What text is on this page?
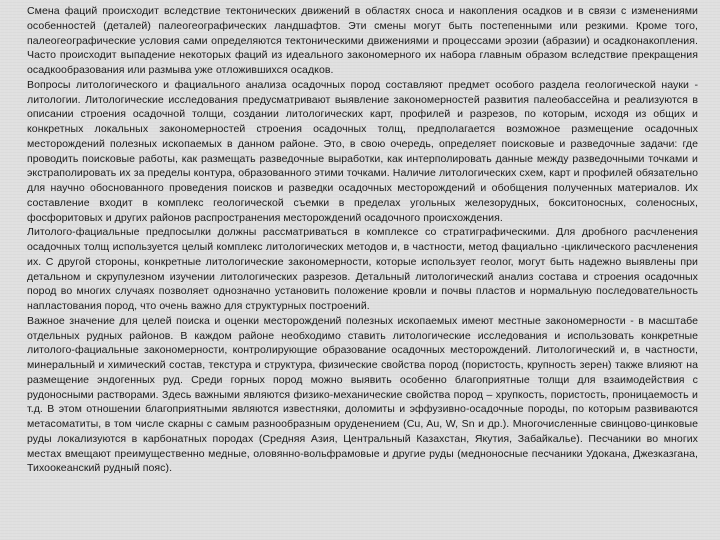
Смена фаций происходит вследствие тектонических движений в областях сноса и накопления осадков и в связи с изменениями особенностей (деталей) палеогеографических ландшафтов. Эти смены могут быть постепенными или резкими. Кроме того, палеогеографические условия сами определяются тектоническими движениями и процессами эрозии (абразии) и осадконакопления. Часто происходит выпадение некоторых фаций из идеального закономерного их набора главным образом вследствие прекращения осадкообразования или размыва уже отложившихся осадков.

Вопросы литологического и фациального анализа осадочных пород составляют предмет особого раздела геологической науки - литологии. Литологические исследования предусматривают выявление закономерностей развития палеобассейна и реализуются в описании строения осадочной толщи, создании литологических карт, профилей и разрезов, по которым, исходя из общих и конкретных локальных закономерностей строения осадочных толщ, предполагается возможное размещение осадочных месторождений полезных ископаемых в данном районе. Это, в свою очередь, определяет поисковые и разведочные задачи: где проводить поисковые работы, как размещать разведочные выработки, как интерполировать данные между разведочными точками и экстраполировать их за пределы контура, образованного этими точками. Наличие литологических схем, карт и профилей обязательно для научно обоснованного проведения поисков и разведки осадочных месторождений и обобщения полученных материалов. Их составление входит в комплекс геологической съемки в пределах угольных железорудных, бокситоносных, соленосных, фосфоритовых и других районов распространения месторождений осадочного происхождения.

Литолого-фациальные предпосылки должны рассматриваться в комплексе со стратиграфическими. Для дробного расчленения осадочных толщ используется целый комплекс литологических методов и, в частности, метод фациально -циклического расчленения их. С другой стороны, конкретные литологические закономерности, которые использует геолог, могут быть надежно выявлены при детальном и скрупулезном изучении литологических разрезов. Детальный литологический анализ состава и строения осадочных пород во многих случаях позволяет однозначно установить положение кровли и почвы пластов и нормальную последовательность напластования пород, что очень важно для структурных построений.

Важное значение для целей поиска и оценки месторождений полезных ископаемых имеют местные закономерности - в масштабе отдельных рудных районов. В каждом районе необходимо ставить литологические исследования и использовать конкретные литолого-фациальные закономерности, контролирующие образование осадочных месторождений. Литологический и, в частности, минеральный и химический состав, текстура и структура, физические свойства пород (пористость, крупность зерен) также влияют на размещение эндогенных руд. Среди горных пород можно выявить особенно благоприятные толщи для взаимодействия с рудоносными растворами. Здесь важными являются физико-механические свойства пород – хрупкость, пористость, проницаемость и т.д. В этом отношении благоприятными являются известняки, доломиты и эффузивно-осадочные породы, по которым развиваются метасоматиты, в том числе скарны с самым разнообразным оруденением (Cu, Au, W, Sn и др.). Многочисленные свинцово-цинковые руды локализуются в карбонатных породах (Средняя Азия, Центральный Казахстан, Якутия, Забайкалье). Песчаники во многих местах вмещают преимущественно медные, оловянно-вольфрамовые и другие руды (медноносные песчаники Удокана, Джезказгана, Тихоокеанский рудный пояс).
